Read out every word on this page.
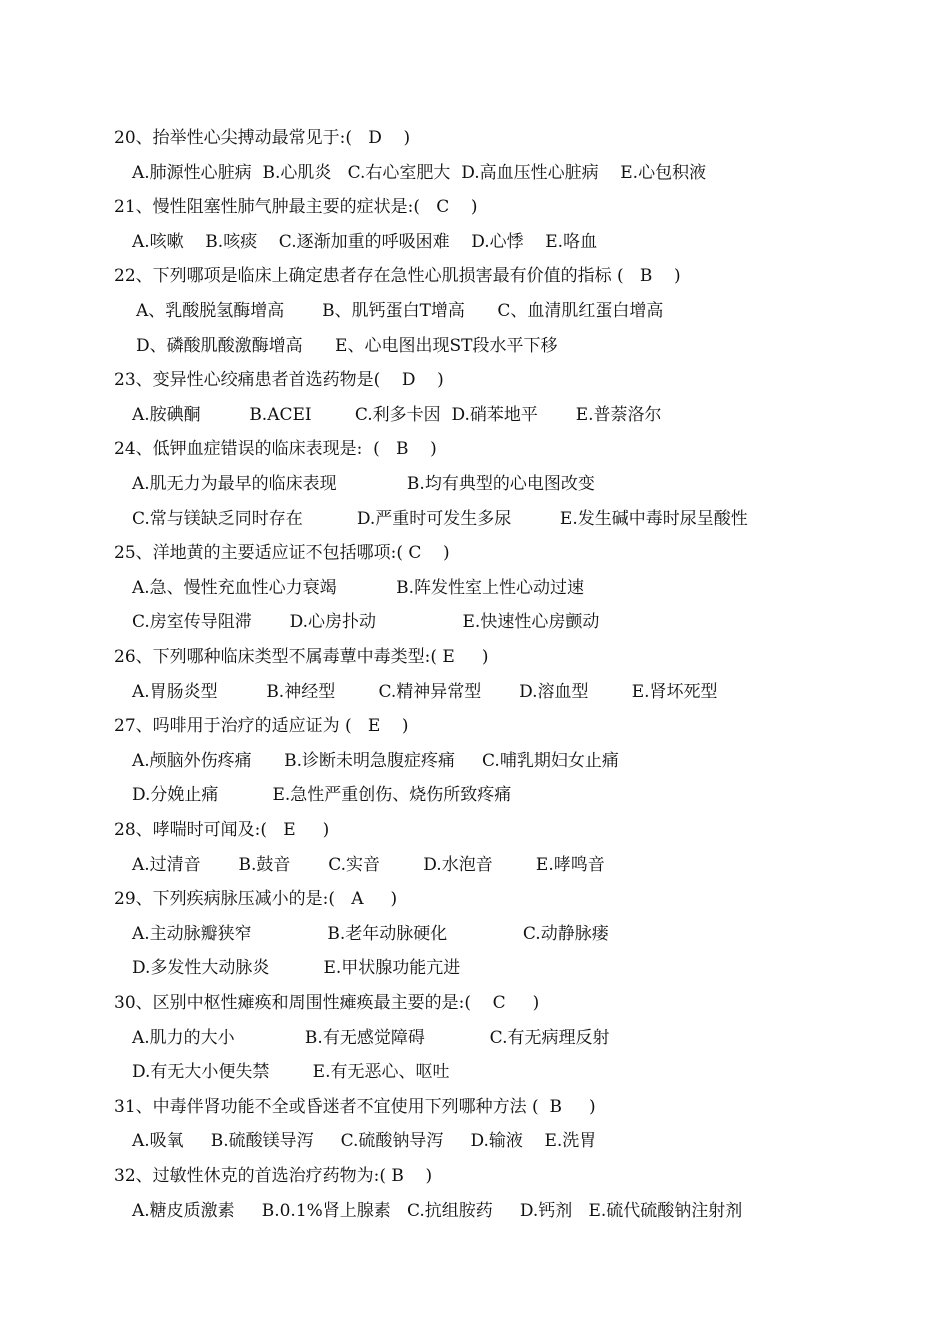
20、抬举性心尖搏动最常见于:(   D    )
A.肺源性心脏病  B.心肌炎   C.右心室肥大  D.高血压性心脏病    E.心包积液
21、慢性阻塞性肺气肿最主要的症状是:(   C    )
A.咳嗽    B.咳痰    C.逐渐加重的呼吸困难    D.心悸    E.咯血
22、下列哪项是临床上确定患者存在急性心肌损害最有价值的指标 (   B    )
A、乳酸脱氢酶增高       B、肌钙蛋白T增高      C、血清肌红蛋白增高
D、磷酸肌酸激酶增高      E、心电图出现ST段水平下移
23、变异性心绞痛患者首选药物是(    D    )
A.胺碘酮         B.ACEI        C.利多卡因  D.硝苯地平       E.普萘洛尔
24、低钾血症错误的临床表现是:  (   B    )
A.肌无力为最早的临床表现             B.均有典型的心电图改变
C.常与镁缺乏同时存在          D.严重时可发生多尿         E.发生碱中毒时尿呈酸性
25、洋地黄的主要适应证不包括哪项:( C    )
A.急、慢性充血性心力衰竭           B.阵发性室上性心动过速
C.房室传导阻滞       D.心房扑动                E.快速性心房颤动
26、下列哪种临床类型不属毒蕈中毒类型:( E     )
A.胃肠炎型         B.神经型        C.精神异常型       D.溶血型        E.肾坏死型
27、吗啡用于治疗的适应证为 (   E    )
A.颅脑外伤疼痛      B.诊断未明急腹症疼痛     C.哺乳期妇女止痛
D.分娩止痛          E.急性严重创伤、烧伤所致疼痛
28、哮喘时可闻及:(   E     )
A.过清音       B.鼓音       C.实音        D.水泡音        E.哮鸣音
29、下列疾病脉压减小的是:(   A     )
A.主动脉瓣狭窄              B.老年动脉硬化              C.动静脉瘘
D.多发性大动脉炎          E.甲状腺功能亢进
30、区别中枢性瘫痪和周围性瘫痪最主要的是:(    C     )
A.肌力的大小             B.有无感觉障碍            C.有无病理反射
D.有无大小便失禁        E.有无恶心、呕吐
31、中毒伴肾功能不全或昏迷者不宜使用下列哪种方法 (  B     )
A.吸氧     B.硫酸镁导泻     C.硫酸钠导泻     D.输液    E.洗胃
32、过敏性休克的首选治疗药物为:( B    )
A.糖皮质激素     B.0.1%肾上腺素   C.抗组胺药     D.钙剂   E.硫代硫酸钠注射剂
